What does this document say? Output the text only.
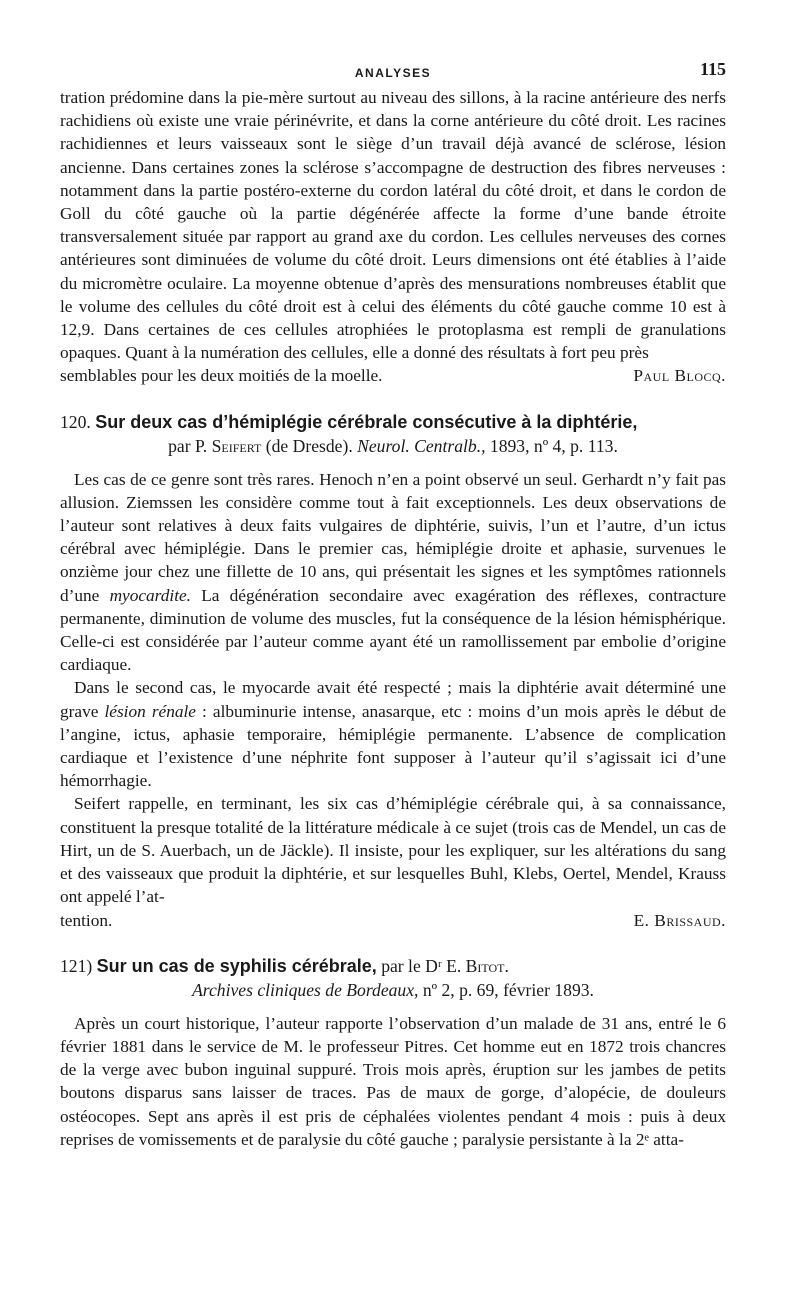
ANALYSES	115

tration prédomine dans la pie-mère surtout au niveau des sillons, à la racine antérieure des nerfs rachidiens où existe une vraie périnévrite, et dans la corne antérieure du côté droit. Les racines rachidiennes et leurs vaisseaux sont le siège d’un travail déjà avancé de sclérose, lésion ancienne. Dans certaines zones la sclérose s’accompagne de destruction des fibres nerveuses : notamment dans la partie postéro-externe du cordon latéral du côté droit, et dans le cordon de Goll du côté gauche où la partie dégénérée affecte la forme d’une bande étroite transversalement située par rapport au grand axe du cordon. Les cellules nerveuses des cornes antérieures sont diminuées de volume du côté droit. Leurs dimensions ont été établies à l’aide du micromètre oculaire. La moyenne obtenue d’après des mensurations nombreuses établit que le volume des cellules du côté droit est à celui des éléments du côté gauche comme 10 est à 12,9. Dans certaines de ces cellules atrophiées le protoplasma est rempli de granulations opaques. Quant à la numération des cellules, elle a donné des résultats à fort peu près

semblables pour les deux moitiés de la moelle.	Paul Blocq.
120. Sur deux cas d’hémiplégie cérébrale consécutive à la diphtérie,
par P. Seifert (de Dresde). Neurol. Centralb., 1893, nº 4, p. 113.

Les cas de ce genre sont très rares. Henoch n’en a point observé un seul. Gerhardt n’y fait pas allusion. Ziemssen les considère comme tout à fait exceptionnels. Les deux observations de l’auteur sont relatives à deux faits vulgaires de diphtérie, suivis, l’un et l’autre, d’un ictus cérébral avec hémiplégie. Dans le premier cas, hémiplégie droite et aphasie, survenues le onzième jour chez une fillette de 10 ans, qui présentait les signes et les symptômes rationnels d’une myocardite. La dégénération secondaire avec exagération des réflexes, contracture permanente, diminution de volume des muscles, fut la conséquence de la lésion hémisphérique. Celle-ci est considérée par l’auteur comme ayant été un ramollissement par embolie d’origine cardiaque.

Dans le second cas, le myocarde avait été respecté ; mais la diphtérie avait déterminé une grave lésion rénale : albuminurie intense, anasarque, etc : moins d’un mois après le début de l’angine, ictus, aphasie temporaire, hémiplégie permanente. L’absence de complication cardiaque et l’existence d’une néphrite font supposer à l’auteur qu’il s’agissait ici d’une hémorrhagie.

Seifert rappelle, en terminant, les six cas d’hémiplégie cérébrale qui, à sa connaissance, constituent la presque totalité de la littérature médicale à ce sujet (trois cas de Mendel, un cas de Hirt, un de S. Auerbach, un de Jäckle). Il insiste, pour les expliquer, sur les altérations du sang et des vaisseaux que produit la diphtérie, et sur lesquelles Buhl, Klebs, Oertel, Mendel, Krauss ont appelé l’at-

tention.	E. Brissaud.
121) Sur un cas de syphilis cérébrale, par le Dʳ E. Bitot.
Archives cliniques de Bordeaux, nº 2, p. 69, février 1893.

Après un court historique, l’auteur rapporte l’observation d’un malade de 31 ans, entré le 6 février 1881 dans le service de M. le professeur Pitres. Cet homme eut en 1872 trois chancres de la verge avec bubon inguinal suppuré. Trois mois après, éruption sur les jambes de petits boutons disparus sans laisser de traces. Pas de maux de gorge, d’alopécie, de douleurs ostéocopes. Sept ans après il est pris de céphalées violentes pendant 4 mois : puis à deux reprises de vomissements et de paralysie du côté gauche ; paralysie persistante à la 2ᵉ atta-
